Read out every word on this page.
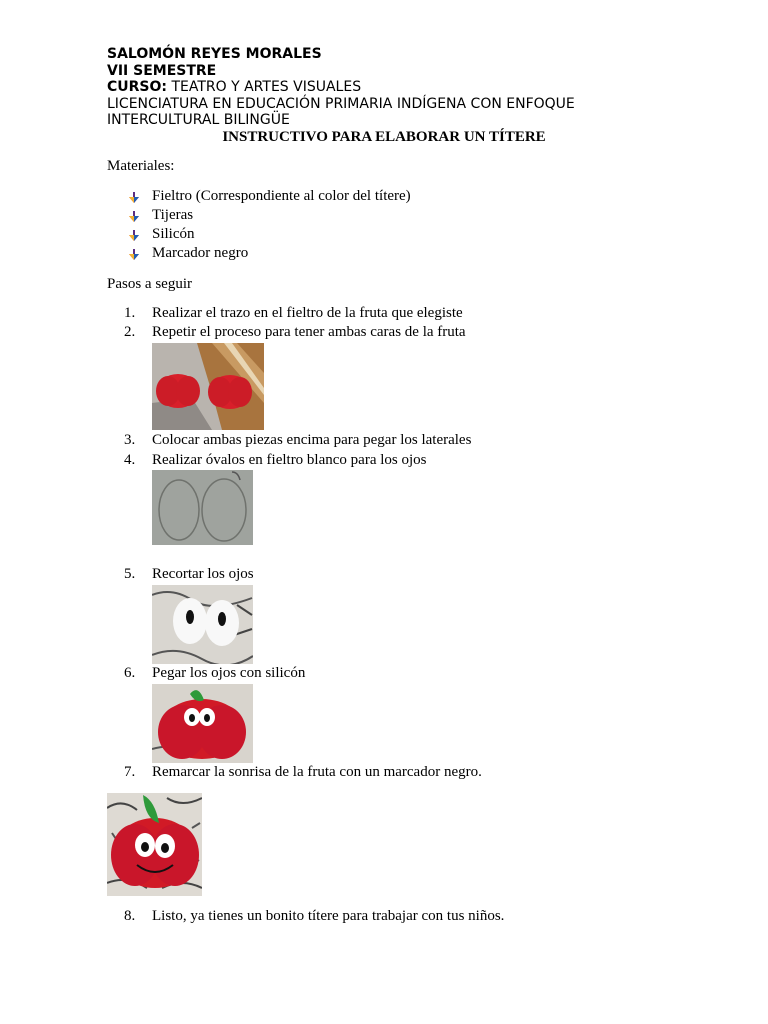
SALOMÓN REYES MORALES
VII SEMESTRE
CURSO: TEATRO Y ARTES VISUALES
LICENCIATURA EN EDUCACIÓN PRIMARIA INDÍGENA CON ENFOQUE INTERCULTURAL BILINGÜE
INSTRUCTIVO PARA ELABORAR UN TÍTERE
Materiales:
Fieltro (Correspondiente al color del títere)
Tijeras
Silicón
Marcador negro
Pasos a seguir
1.	Realizar el trazo en el fieltro de la fruta que elegiste
2.	Repetir el proceso para tener ambas caras de la fruta
3.	Colocar ambas piezas encima para pegar los laterales
4.	Realizar óvalos en fieltro blanco para los ojos
5.	Recortar los ojos
6.	Pegar los ojos con silicón
7.	Remarcar la sonrisa de la fruta con un marcador negro.
8.	Listo, ya tienes un bonito títere para trabajar con tus niños.
